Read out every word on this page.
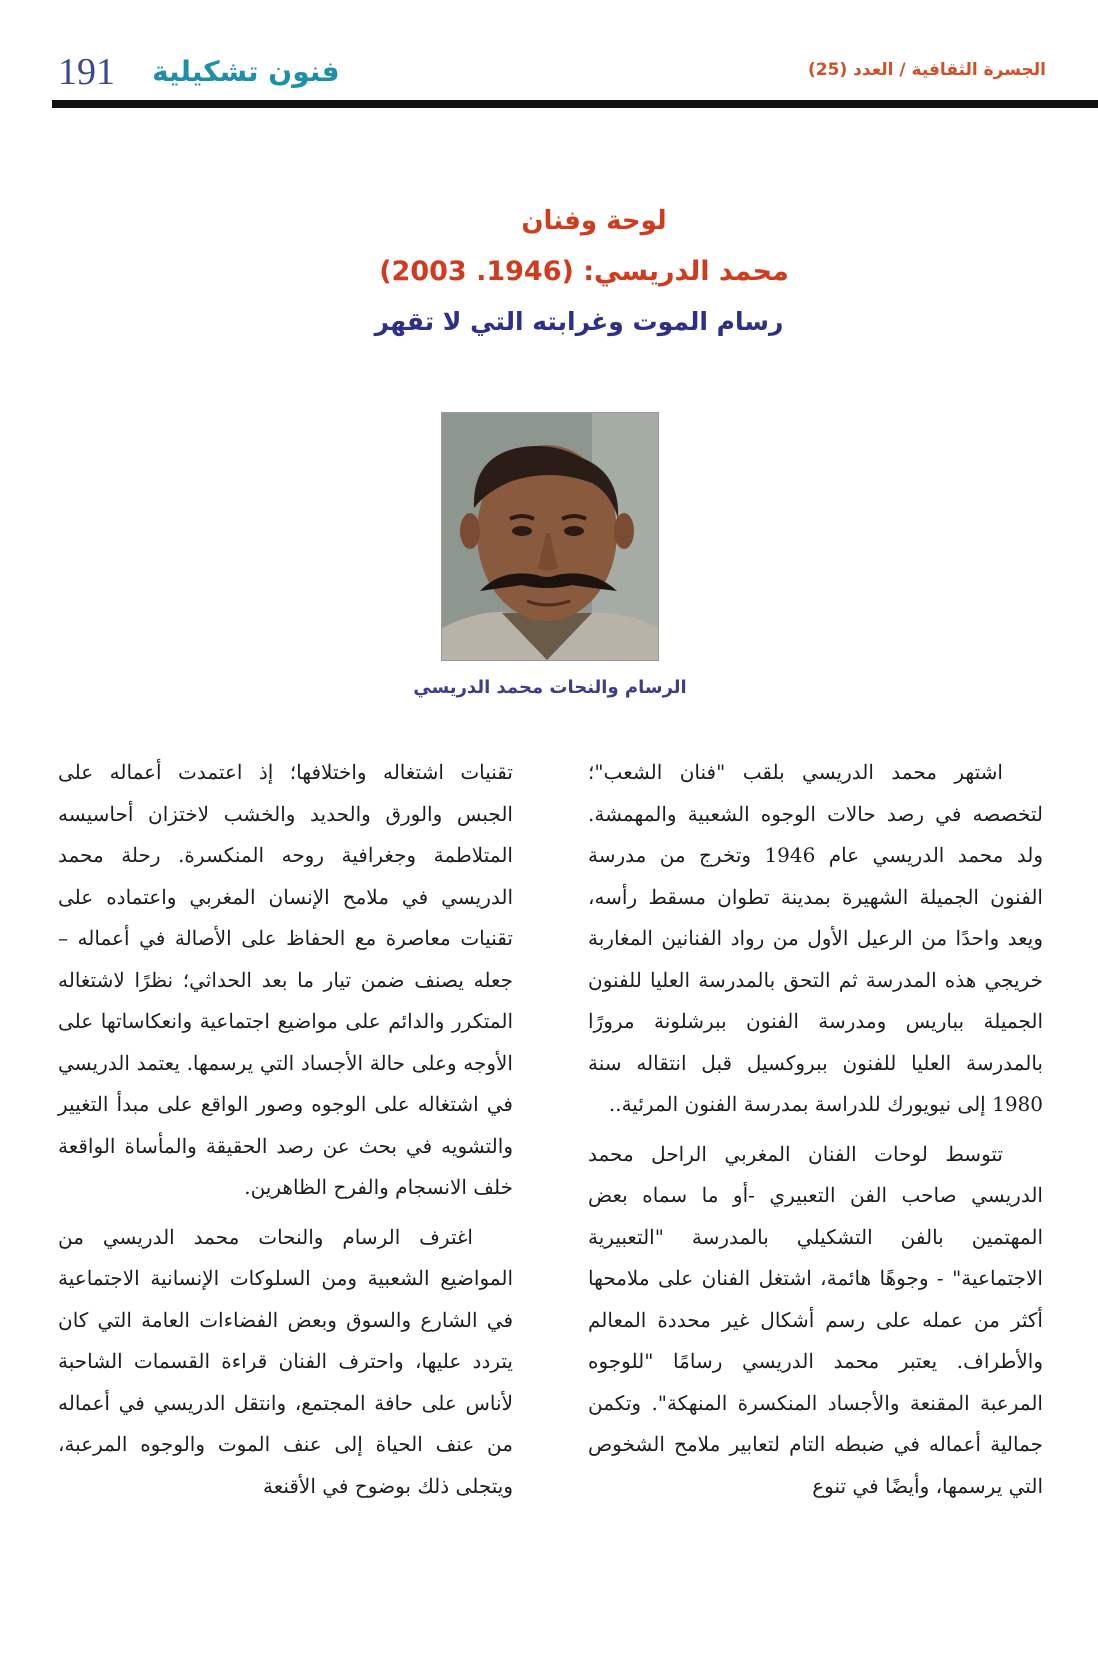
191 فنون تشكيلية	الجسرة الثقافية / العدد (25)
لوحة وفنان
محمد الدريسي: (1946. 2003)
رسام الموت وغرابته التي لا تقهر
الرسام والنحات محمد الدريسي

اشتهر محمد الدريسي بلقب "فنان الشعب"؛ لتخصصه في رصد حالات الوجوه الشعبية والمهمشة. ولد محمد الدريسي عام 1946 وتخرج من مدرسة الفنون الجميلة الشهيرة بمدينة تطوان مسقط رأسه، ويعد واحدًا من الرعيل الأول من رواد الفنانين المغاربة خريجي هذه المدرسة ثم التحق بالمدرسة العليا للفنون الجميلة بباريس ومدرسة الفنون ببرشلونة مرورًا بالمدرسة العليا للفنون ببروكسيل قبل انتقاله سنة 1980 إلى نيويورك للدراسة بمدرسة الفنون المرئية..

تتوسط لوحات الفنان المغربي الراحل محمد الدريسي صاحب الفن التعبيري -أو ما سماه بعض المهتمين بالفن التشكيلي بالمدرسة "التعبيرية الاجتماعية" - وجوهًا هائمة، اشتغل الفنان على ملامحها أكثر من عمله على رسم أشكال غير محددة المعالم والأطراف. يعتبر محمد الدريسي رسامًا "للوجوه المرعبة المقنعة والأجساد المنكسرة المنهكة". وتكمن جمالية أعماله في ضبطه التام لتعابير ملامح الشخوص التي يرسمها، وأيضًا في تنوع

تقنيات اشتغاله واختلافها؛ إذ اعتمدت أعماله على الجبس والورق والحديد والخشب لاختزان أحاسيسه المتلاطمة وجغرافية روحه المنكسرة. رحلة محمد الدريسي في ملامح الإنسان المغربي واعتماده على تقنيات معاصرة مع الحفاظ على الأصالة في أعماله – جعله يصنف ضمن تيار ما بعد الحداثي؛ نظرًا لاشتغاله المتكرر والدائم على مواضيع اجتماعية وانعكاساتها على الأوجه وعلى حالة الأجساد التي يرسمها. يعتمد الدريسي في اشتغاله على الوجوه وصور الواقع على مبدأ التغيير والتشويه في بحث عن رصد الحقيقة والمأساة الواقعة خلف الانسجام والفرح الظاهرين.

اغترف الرسام والنحات محمد الدريسي من المواضيع الشعبية ومن السلوكات الإنسانية الاجتماعية في الشارع والسوق وبعض الفضاءات العامة التي كان يتردد عليها، واحترف الفنان قراءة القسمات الشاحبة لأناس على حافة المجتمع، وانتقل الدريسي في أعماله من عنف الحياة إلى عنف الموت والوجوه المرعبة، ويتجلى ذلك بوضوح في الأقنعة
